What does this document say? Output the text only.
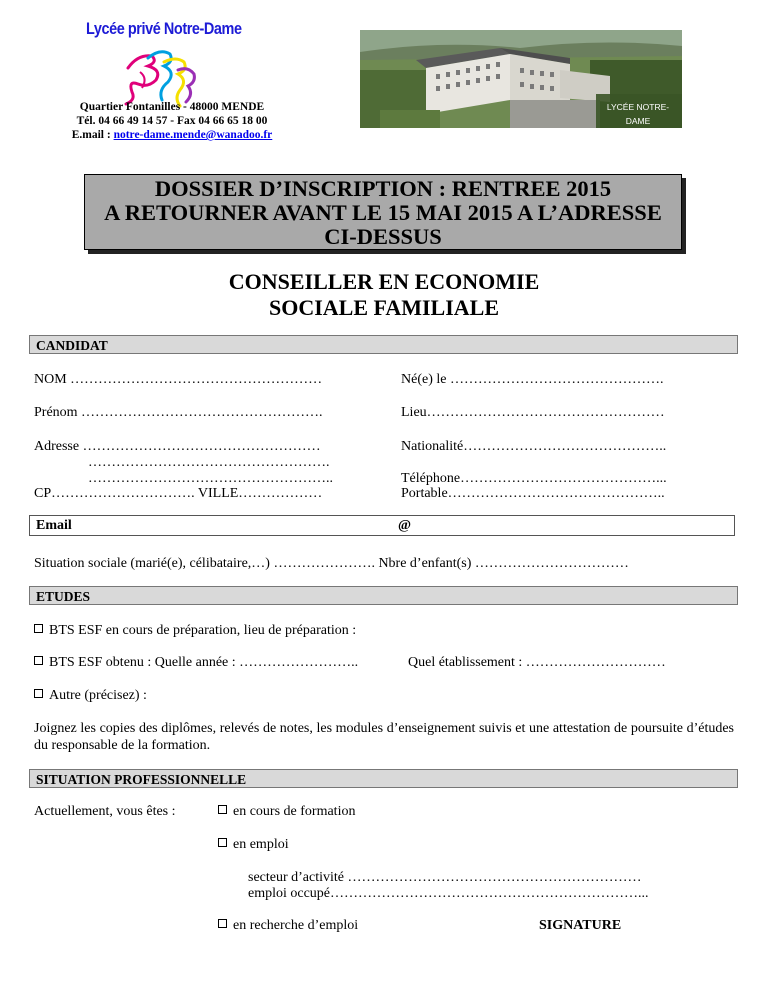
Lycée privé Notre-Dame
Quartier Fontanilles - 48000 MENDE
Tél. 04 66 49 14 57 - Fax 04 66 65 18 00
E.mail : notre-dame.mende@wanadoo.fr
LYCÉE NOTRE-DAME
MENDE
DOSSIER D’INSCRIPTION : RENTREE 2015
A RETOURNER AVANT LE 15 MAI 2015 A L’ADRESSE
CI-DESSUS
CONSEILLER EN ECONOMIE
SOCIALE FAMILIALE
CANDIDAT
NOM ………………………………………………	Né(e) le ……………………………………….
Prénom …………………………………………….	Lieu……………………………………………
Adresse ……………………………………………	Nationalité……………………………………..
…………………………………………….
……………………………………………..	Téléphone……………………………………...
CP…………………………. VILLE………………	Portable………………………………………..
Email	@
Situation sociale (marié(e), célibataire,…) …………………. Nbre d’enfant(s) ……………………………
ETUDES
BTS ESF en cours de préparation, lieu de préparation :
BTS ESF obtenu : Quelle année : ……………………..	Quel établissement : …………………………
Autre (précisez) :
Joignez les copies des diplômes, relevés de notes, les modules d’enseignement suivis et une attestation de poursuite d’études du responsable de la formation.
SITUATION PROFESSIONNELLE
Actuellement, vous êtes :	en cours de formation
en emploi
secteur d’activité ………………………………………………………
emploi occupé…………………………………………………………...
en recherche d’emploi	SIGNATURE
